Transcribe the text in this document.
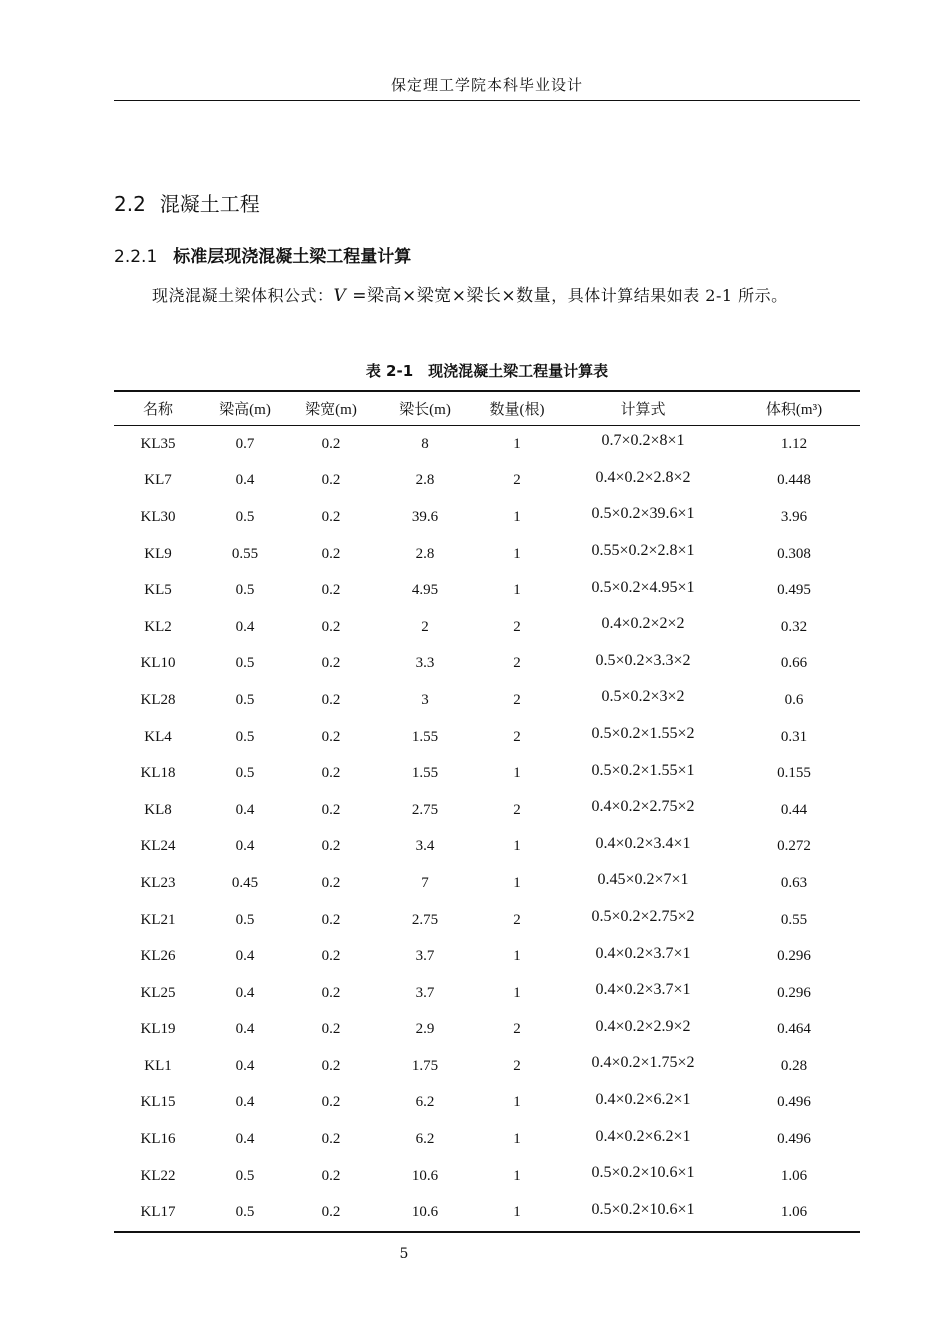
保定理工学院本科毕业设计
2.2 混凝土工程
2.2.1 标准层现浇混凝土梁工程量计算
现浇混凝土梁体积公式：V =梁高×梁宽×梁长×数量，具体计算结果如表 2-1 所示。
表 2-1　现浇混凝土梁工程量计算表
名称	梁高(m)	梁宽(m)	梁长(m)	数量(根)	计算式	体积(m³)
KL35	0.7	0.2	8	1	0.7×0.2×8×1	1.12
KL7	0.4	0.2	2.8	2	0.4×0.2×2.8×2	0.448
KL30	0.5	0.2	39.6	1	0.5×0.2×39.6×1	3.96
KL9	0.55	0.2	2.8	1	0.55×0.2×2.8×1	0.308
KL5	0.5	0.2	4.95	1	0.5×0.2×4.95×1	0.495
KL2	0.4	0.2	2	2	0.4×0.2×2×2	0.32
KL10	0.5	0.2	3.3	2	0.5×0.2×3.3×2	0.66
KL28	0.5	0.2	3	2	0.5×0.2×3×2	0.6
KL4	0.5	0.2	1.55	2	0.5×0.2×1.55×2	0.31
KL18	0.5	0.2	1.55	1	0.5×0.2×1.55×1	0.155
KL8	0.4	0.2	2.75	2	0.4×0.2×2.75×2	0.44
KL24	0.4	0.2	3.4	1	0.4×0.2×3.4×1	0.272
KL23	0.45	0.2	7	1	0.45×0.2×7×1	0.63
KL21	0.5	0.2	2.75	2	0.5×0.2×2.75×2	0.55
KL26	0.4	0.2	3.7	1	0.4×0.2×3.7×1	0.296
KL25	0.4	0.2	3.7	1	0.4×0.2×3.7×1	0.296
KL19	0.4	0.2	2.9	2	0.4×0.2×2.9×2	0.464
KL1	0.4	0.2	1.75	2	0.4×0.2×1.75×2	0.28
KL15	0.4	0.2	6.2	1	0.4×0.2×6.2×1	0.496
KL16	0.4	0.2	6.2	1	0.4×0.2×6.2×1	0.496
KL22	0.5	0.2	10.6	1	0.5×0.2×10.6×1	1.06
KL17	0.5	0.2	10.6	1	0.5×0.2×10.6×1	1.06
5
